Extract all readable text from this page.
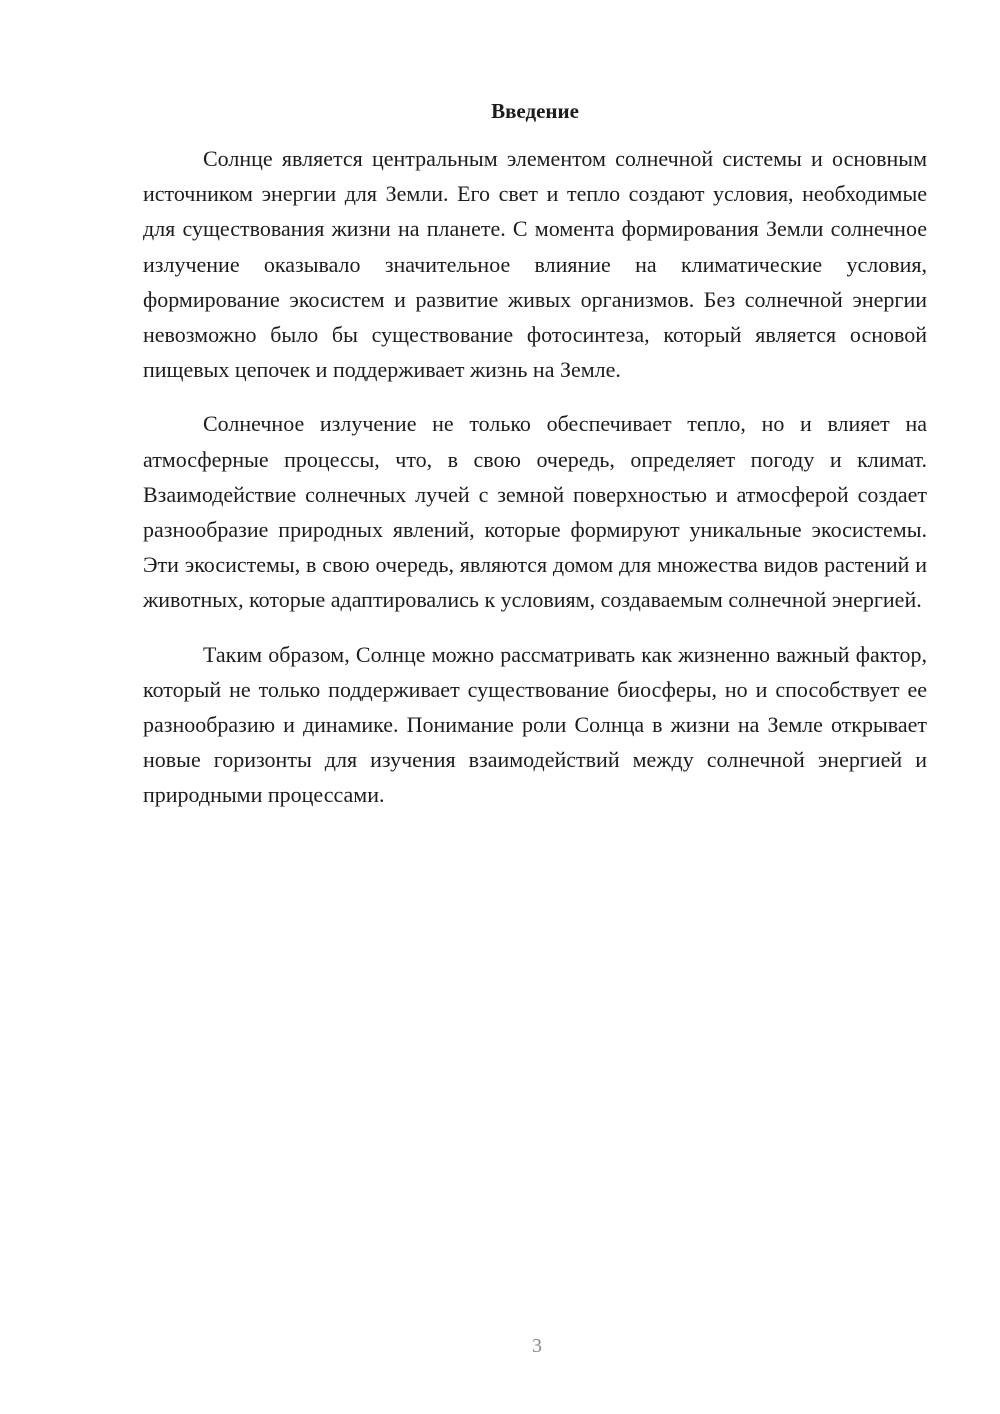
Введение

Солнце является центральным элементом солнечной системы и основным источником энергии для Земли. Его свет и тепло создают условия, необходимые для существования жизни на планете. С момента формирования Земли солнечное излучение оказывало значительное влияние на климатические условия, формирование экосистем и развитие живых организмов. Без солнечной энергии невозможно было бы существование фотосинтеза, который является основой пищевых цепочек и поддерживает жизнь на Земле.

Солнечное излучение не только обеспечивает тепло, но и влияет на атмосферные процессы, что, в свою очередь, определяет погоду и климат. Взаимодействие солнечных лучей с земной поверхностью и атмосферой создает разнообразие природных явлений, которые формируют уникальные экосистемы. Эти экосистемы, в свою очередь, являются домом для множества видов растений и животных, которые адаптировались к условиям, создаваемым солнечной энергией.

Таким образом, Солнце можно рассматривать как жизненно важный фактор, который не только поддерживает существование биосферы, но и способствует ее разнообразию и динамике. Понимание роли Солнца в жизни на Земле открывает новые горизонты для изучения взаимодействий между солнечной энергией и природными процессами.

3
